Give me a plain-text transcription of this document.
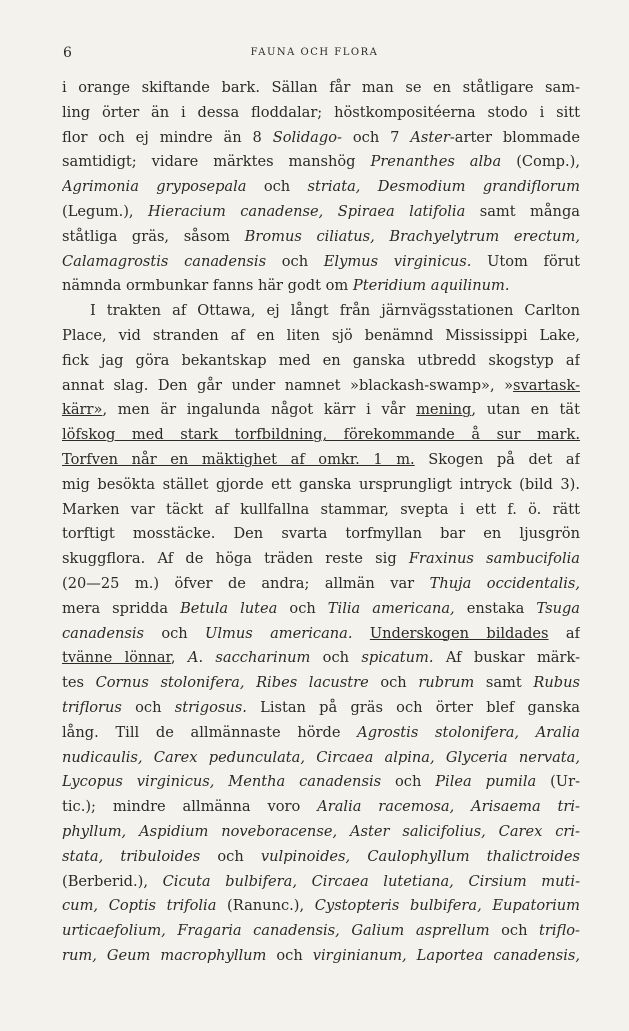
6	FAUNA OCH FLORA
i orange skiftande bark. Sällan får man se en ståtligare sam-
ling örter än i dessa floddalar; höstkompositéerna stodo i sitt
flor och ej mindre än 8 Solidago- och 7 Aster-arter blommade
samtidigt; vidare märktes manshög Prenanthes alba (Comp.),
Agrimonia gryposepala och striata, Desmodium grandiflorum
(Legum.), Hieracium canadense, Spiraea latifolia samt många
ståtliga gräs, såsom Bromus ciliatus, Brachyelytrum erectum,
Calamagrostis canadensis och Elymus virginicus. Utom förut
nämnda ormbunkar fanns här godt om Pteridium aquilinum.
I trakten af Ottawa, ej långt från järnvägsstationen Carlton
Place, vid stranden af en liten sjö benämnd Mississippi Lake,
fick jag göra bekantskap med en ganska utbredd skogstyp af
annat slag. Den går under namnet »blackash-swamp», »svartask-
kärr», men är ingalunda något kärr i vår mening, utan en tät
löfskog med stark torfbildning, förekommande å sur mark.
Torfven når en mäktighet af omkr. 1 m. Skogen på det af
mig besökta stället gjorde ett ganska ursprungligt intryck (bild 3).
Marken var täckt af kullfallna stammar, svepta i ett f. ö. rätt
torftigt mosstäcke. Den svarta torfmyllan bar en ljusgrön
skuggflora. Af de höga träden reste sig Fraxinus sambucifolia
(20—25 m.) öfver de andra; allmän var Thuja occidentalis,
mera spridda Betula lutea och Tilia americana, enstaka Tsuga
canadensis och Ulmus americana. Underskogen bildades af
tvänne lönnar, A. saccharinum och spicatum. Af buskar märk-
tes Cornus stolonifera, Ribes lacustre och rubrum samt Rubus
triflorus och strigosus. Listan på gräs och örter blef ganska
lång. Till de allmännaste hörde Agrostis stolonifera, Aralia
nudicaulis, Carex pedunculata, Circaea alpina, Glyceria nervata,
Lycopus virginicus, Mentha canadensis och Pilea pumila (Ur-
tic.); mindre allmänna voro Aralia racemosa, Arisaema tri-
phyllum, Aspidium noveboracense, Aster salicifolius, Carex cri-
stata, tribuloides och vulpinoides, Caulophyllum thalictroides
(Berberid.), Cicuta bulbifera, Circaea lutetiana, Cirsium muti-
cum, Coptis trifolia (Ranunc.), Cystopteris bulbifera, Eupatorium
urticaefolium, Fragaria canadensis, Galium asprellum och triflo-
rum, Geum macrophyllum och virginianum, Laportea canadensis,
